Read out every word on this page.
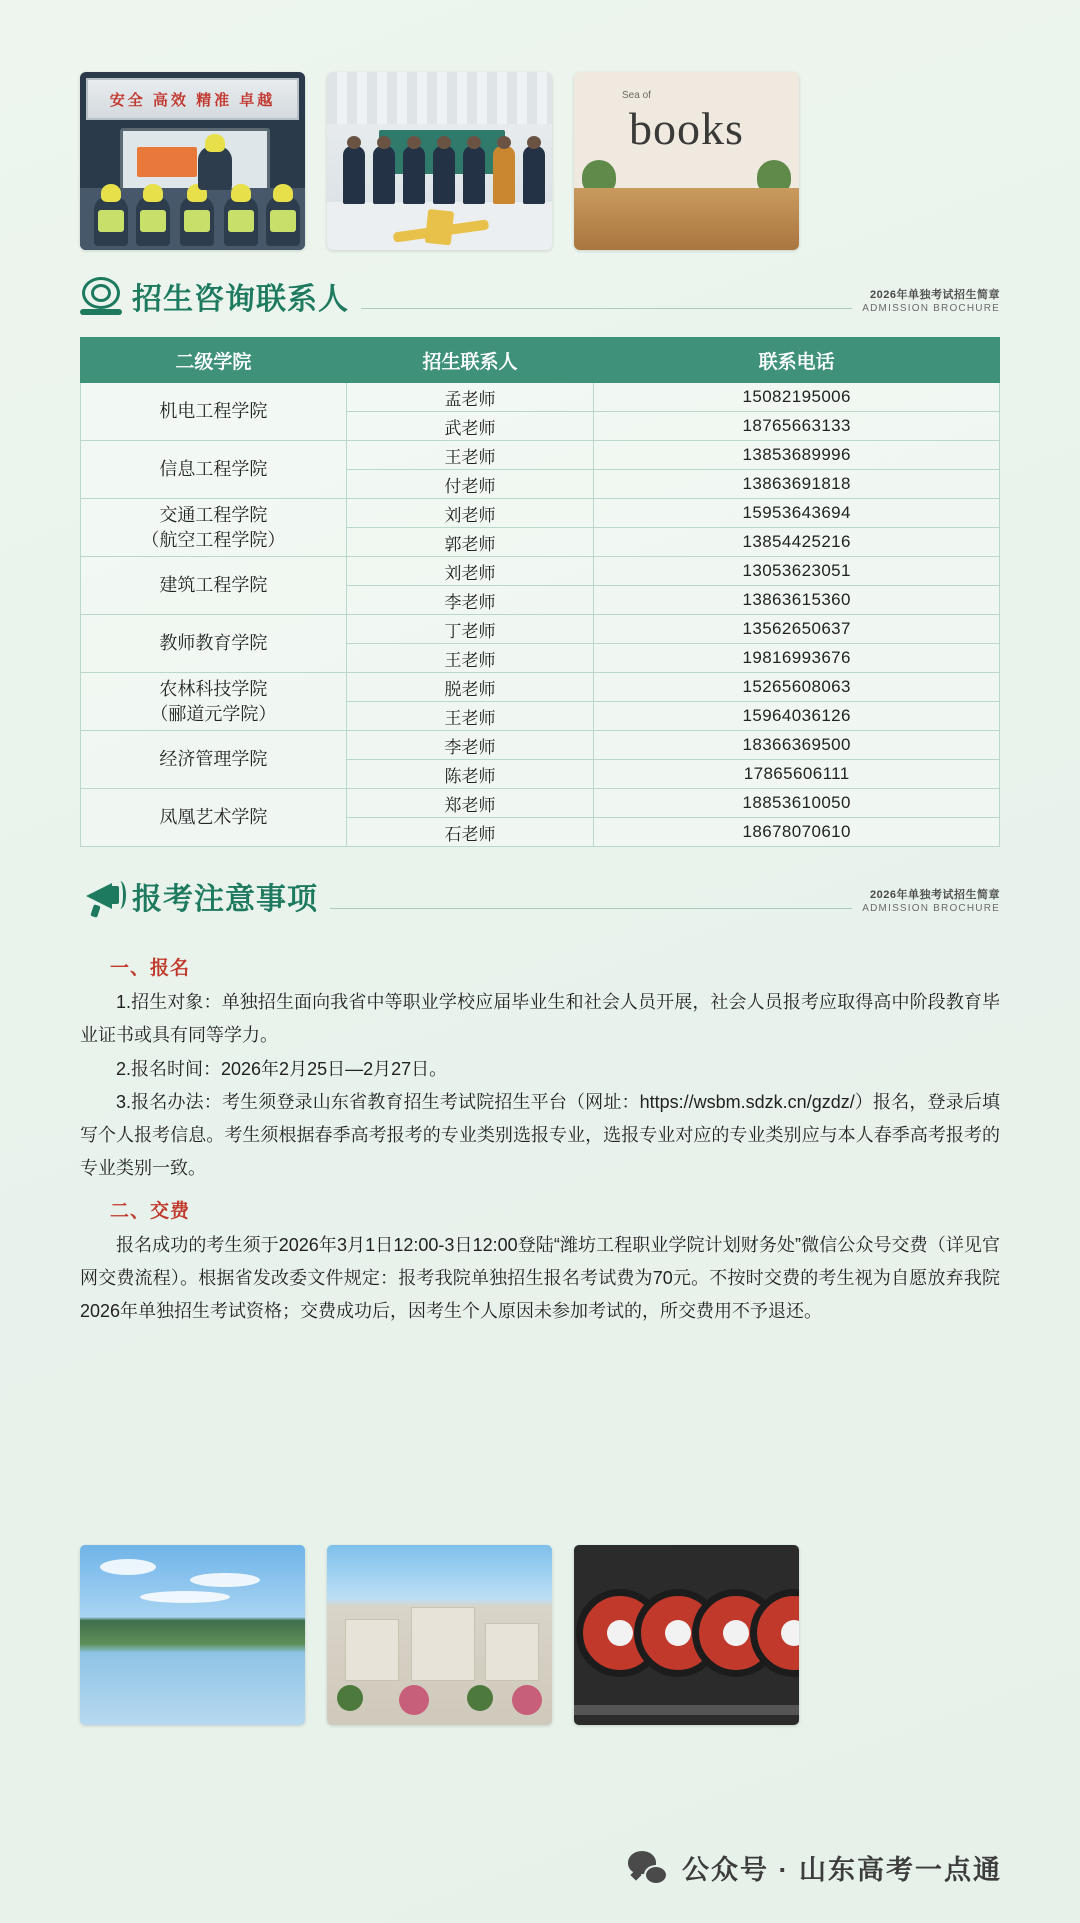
安全 高效 精准 卓越	Sea of
books
招生咨询联系人	2026年单独考试招生简章
ADMISSION BROCHURE
二级学院	招生联系人	联系电话
机电工程学院	孟老师	15082195006
	武老师	18765663133
信息工程学院	王老师	13853689996
	付老师	13863691818
交通工程学院
（航空工程学院）	刘老师	15953643694
	郭老师	13854425216
建筑工程学院	刘老师	13053623051
	李老师	13863615360
教师教育学院	丁老师	13562650637
	王老师	19816993676
农林科技学院
（郦道元学院）	脱老师	15265608063
	王老师	15964036126
经济管理学院	李老师	18366369500
	陈老师	17865606111
凤凰艺术学院	郑老师	18853610050
	石老师	18678070610
报考注意事项	2026年单独考试招生简章
ADMISSION BROCHURE
一、报名

1.招生对象：单独招生面向我省中等职业学校应届毕业生和社会人员开展，社会人员报考应取得高中阶段教育毕业证书或具有同等学力。

2.报名时间：2026年2月25日—2月27日。

3.报名办法：考生须登录山东省教育招生考试院招生平台（网址：https://wsbm.sdzk.cn/gzdz/）报名，登录后填写个人报考信息。考生须根据春季高考报考的专业类别选报专业，选报专业对应的专业类别应与本人春季高考报考的专业类别一致。

二、交费

报名成功的考生须于2026年3月1日12:00-3日12:00登陆“潍坊工程职业学院计划财务处”微信公众号交费（详见官网交费流程）。根据省发改委文件规定：报考我院单独招生报名考试费为70元。不按时交费的考生视为自愿放弃我院2026年单独招生考试资格；交费成功后，因考生个人原因未参加考试的，所交费用不予退还。

公众号 · 山东高考一点通
